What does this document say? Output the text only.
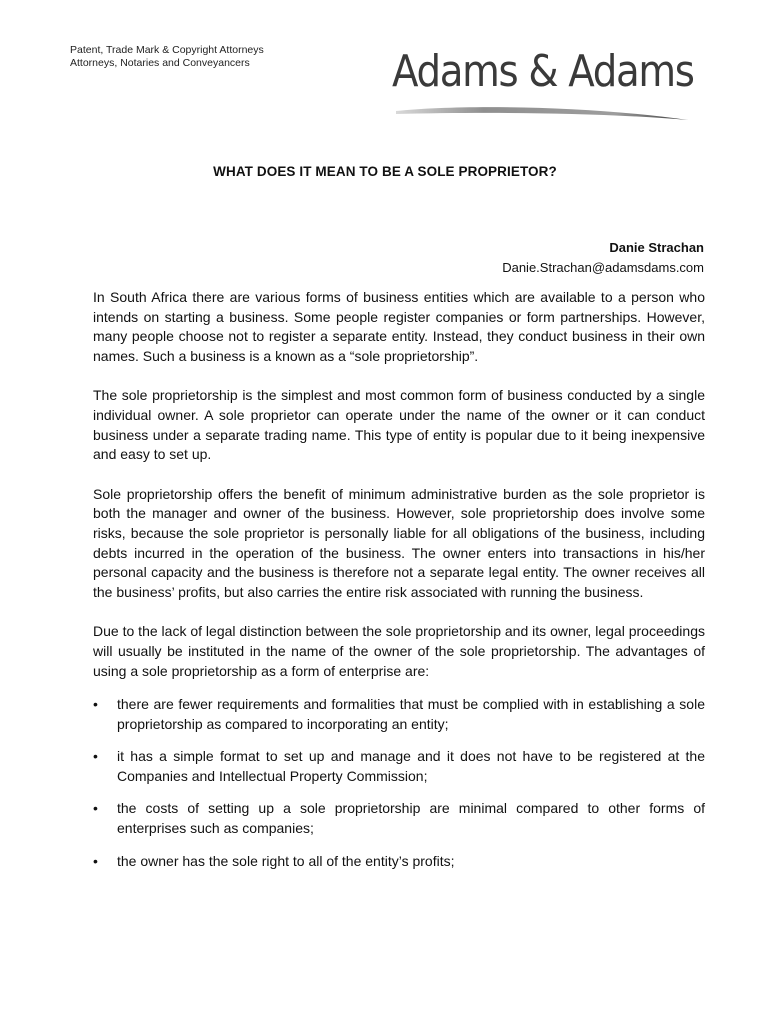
Patent, Trade Mark & Copyright Attorneys
Attorneys, Notaries and Conveyancers	Adams & Adams
WHAT DOES IT MEAN TO BE A SOLE PROPRIETOR?
Danie Strachan
Danie.Strachan@adamsdams.com

In South Africa there are various forms of business entities which are available to a person who intends on starting a business. Some people register companies or form partnerships. However, many people choose not to register a separate entity. Instead, they conduct business in their own names. Such a business is a known as a “sole proprietorship”.

The sole proprietorship is the simplest and most common form of business conducted by a single individual owner. A sole proprietor can operate under the name of the owner or it can conduct business under a separate trading name. This type of entity is popular due to it being inexpensive and easy to set up.

Sole proprietorship offers the benefit of minimum administrative burden as the sole proprietor is both the manager and owner of the business. However, sole proprietorship does involve some risks, because the sole proprietor is personally liable for all obligations of the business, including debts incurred in the operation of the business. The owner enters into transactions in his/her personal capacity and the business is therefore not a separate legal entity. The owner receives all the business’ profits, but also carries the entire risk associated with running the business.

Due to the lack of legal distinction between the sole proprietorship and its owner, legal proceedings will usually be instituted in the name of the owner of the sole proprietorship. The advantages of using a sole proprietorship as a form of enterprise are:

•	there are fewer requirements and formalities that must be complied with in establishing a sole proprietorship as compared to incorporating an entity;
•	it has a simple format to set up and manage and it does not have to be registered at the Companies and Intellectual Property Commission;
•	the costs of setting up a sole proprietorship are minimal compared to other forms of enterprises such as companies;
•	the owner has the sole right to all of the entity’s profits;
